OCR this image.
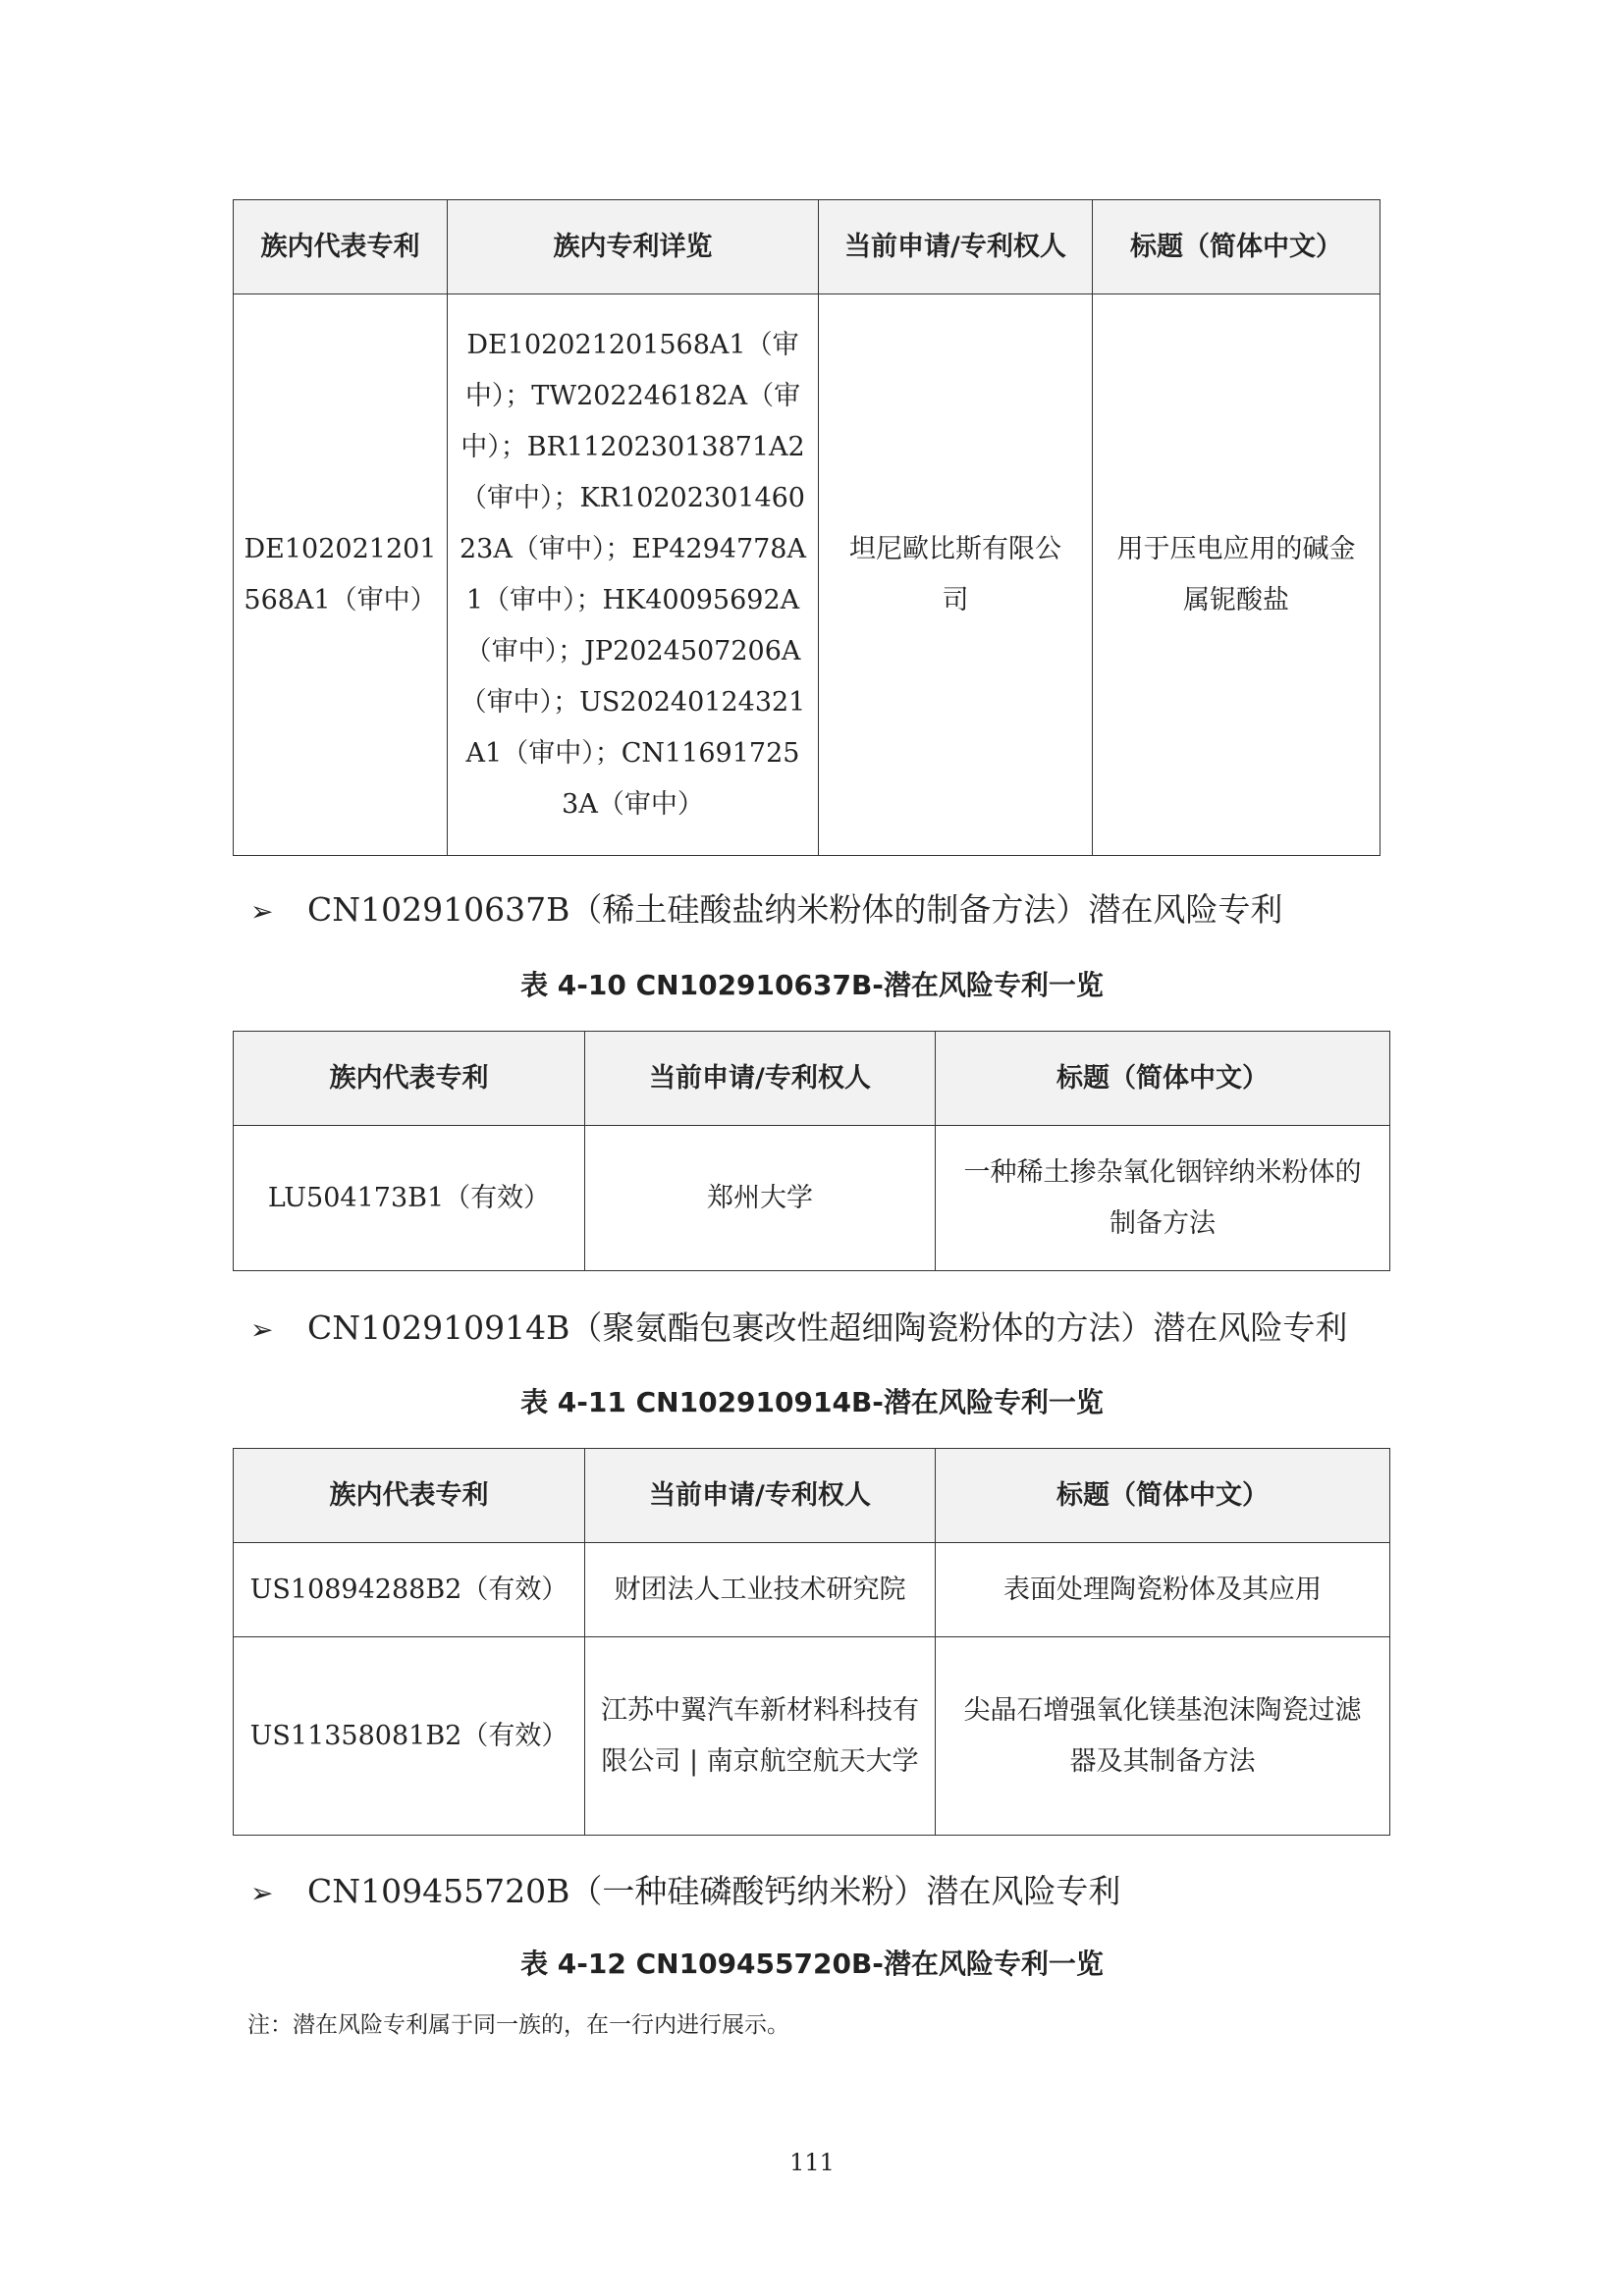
族内代表专利	族内专利详览	当前申请/专利权人	标题（简体中文）
DE102021201568A1（审中）	DE102021201568A1（审中）；TW202246182A（审中）；BR112023013871A2（审中）；KR1020230146023A（审中）；EP4294778A1（审中）；HK40095692A（审中）；JP2024507206A（审中）；US20240124321A1（审中）；CN116917253A（审中）	坦尼歐比斯有限公司	用于压电应用的碱金属铌酸盐
➢ CN102910637B（稀土硅酸盐纳米粉体的制备方法）潜在风险专利
表 4-10 CN102910637B-潜在风险专利一览
族内代表专利	当前申请/专利权人	标题（简体中文）
LU504173B1（有效）	郑州大学	一种稀土掺杂氧化铟锌纳米粉体的制备方法
➢ CN102910914B（聚氨酯包裹改性超细陶瓷粉体的方法）潜在风险专利
表 4-11 CN102910914B-潜在风险专利一览
族内代表专利	当前申请/专利权人	标题（简体中文）
US10894288B2（有效）	财团法人工业技术研究院	表面处理陶瓷粉体及其应用
US11358081B2（有效）	江苏中翼汽车新材料科技有限公司 | 南京航空航天大学	尖晶石增强氧化镁基泡沫陶瓷过滤器及其制备方法
➢ CN109455720B（一种硅磷酸钙纳米粉）潜在风险专利
表 4-12 CN109455720B-潜在风险专利一览
注：潜在风险专利属于同一族的，在一行内进行展示。
111
